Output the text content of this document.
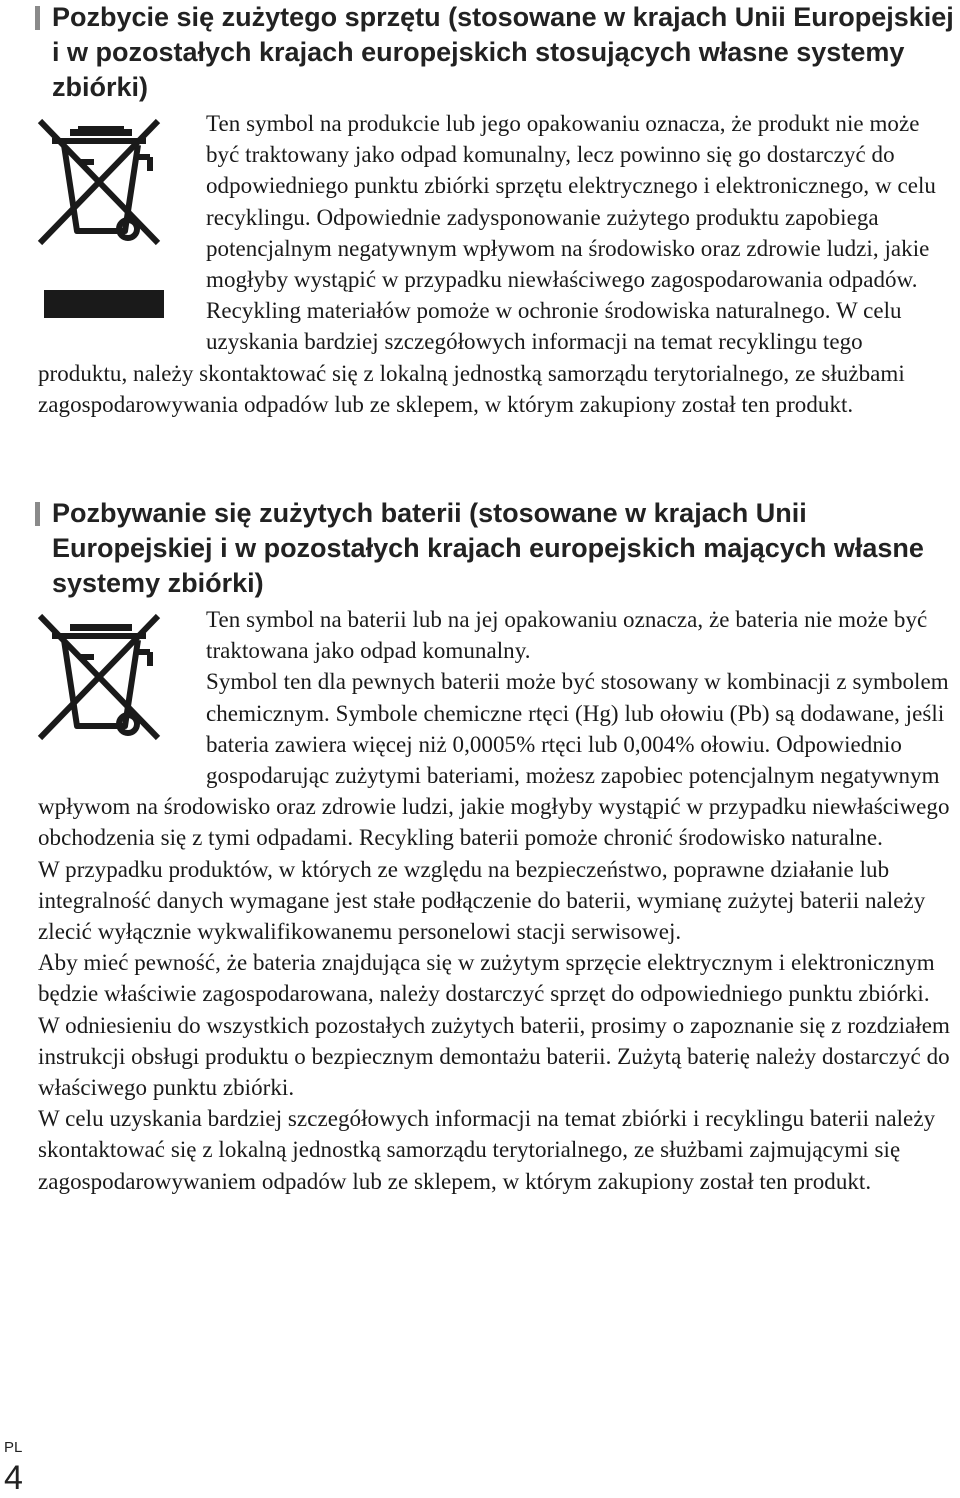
Pozbycie się zużytego sprzętu (stosowane w krajach Unii Europejskiej i w pozostałych krajach europejskich stosujących własne systemy zbiórki)

Ten symbol na produkcie lub jego opakowaniu oznacza, że produkt nie może być traktowany jako odpad komunalny, lecz powinno się go dostarczyć do odpowiedniego punktu zbiórki sprzętu elektrycznego i elektronicznego, w celu recyklingu. Odpowiednie zadysponowanie zużytego produktu zapobiega potencjalnym negatywnym wpływom na środowisko oraz zdrowie ludzi, jakie mogłyby wystąpić w przypadku niewłaściwego zagospodarowania odpadów. Recykling materiałów pomoże w ochronie środowiska naturalnego. W celu uzyskania bardziej szczegółowych informacji na temat recyklingu tego produktu, należy skontaktować się z lokalną jednostką samorządu terytorialnego, ze służbami zagospodarowywania odpadów lub ze sklepem, w którym zakupiony został ten produkt.

Pozbywanie się zużytych baterii (stosowane w krajach Unii Europejskiej i w pozostałych krajach europejskich mających własne systemy zbiórki)

Ten symbol na baterii lub na jej opakowaniu oznacza, że bateria nie może być traktowana jako odpad komunalny.

Symbol ten dla pewnych baterii może być stosowany w kombinacji z symbolem chemicznym. Symbole chemiczne rtęci (Hg) lub ołowiu (Pb) są dodawane, jeśli bateria zawiera więcej niż 0,0005% rtęci lub 0,004% ołowiu. Odpowiednio gospodarując zużytymi bateriami, możesz zapobiec potencjalnym negatywnym wpływom na środowisko oraz zdrowie ludzi, jakie mogłyby wystąpić w przypadku niewłaściwego obchodzenia się z tymi odpadami. Recykling baterii pomoże chronić środowisko naturalne.

W przypadku produktów, w których ze względu na bezpieczeństwo, poprawne działanie lub integralność danych wymagane jest stałe podłączenie do baterii, wymianę zużytej baterii należy zlecić wyłącznie wykwalifikowanemu personelowi stacji serwisowej.

Aby mieć pewność, że bateria znajdująca się w zużytym sprzęcie elektrycznym i elektronicznym będzie właściwie zagospodarowana, należy dostarczyć sprzęt do odpowiedniego punktu zbiórki.

W odniesieniu do wszystkich pozostałych zużytych baterii, prosimy o zapoznanie się z rozdziałem instrukcji obsługi produktu o bezpiecznym demontażu baterii. Zużytą baterię należy dostarczyć do właściwego punktu zbiórki.

W celu uzyskania bardziej szczegółowych informacji na temat zbiórki i recyklingu baterii należy skontaktować się z lokalną jednostką samorządu terytorialnego, ze służbami zajmującymi się zagospodarowywaniem odpadów lub ze sklepem, w którym zakupiony został ten produkt.

PL
4
